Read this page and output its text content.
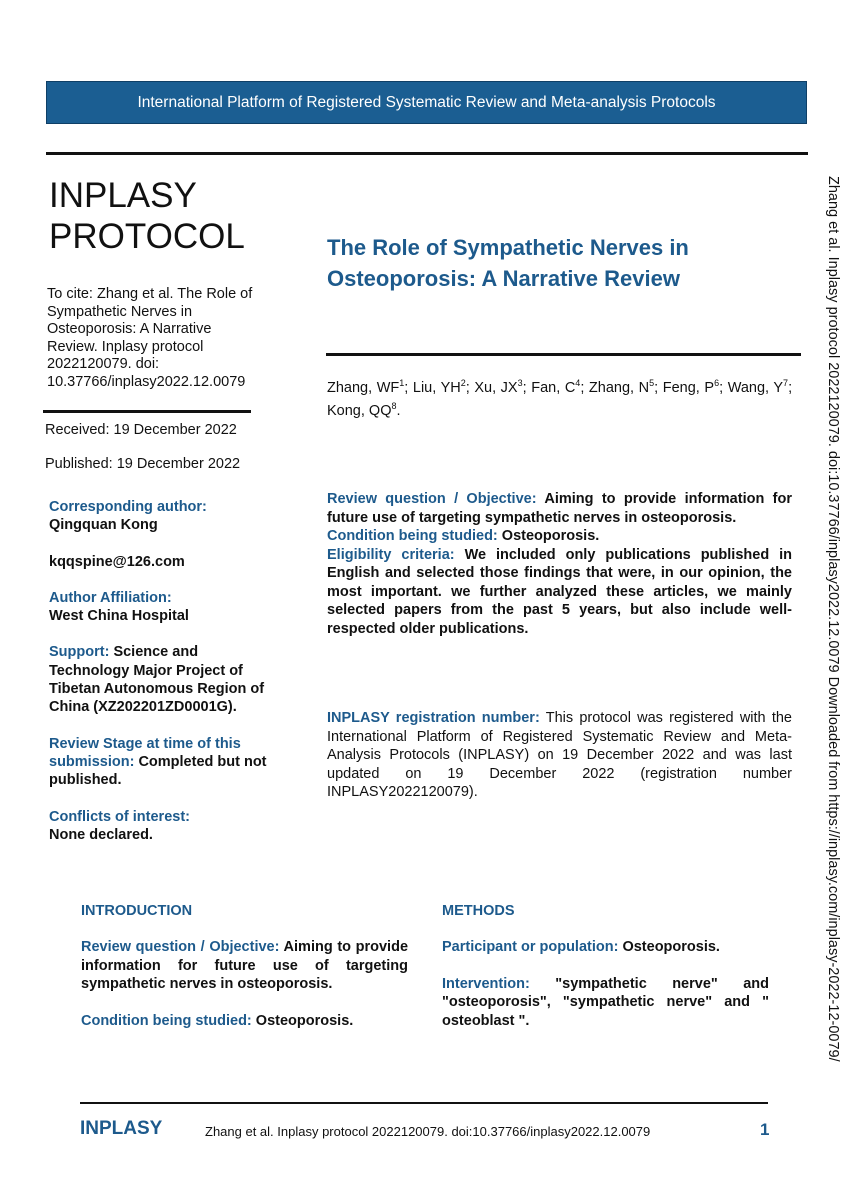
International Platform of Registered Systematic Review and Meta-analysis Protocols
INPLASY
PROTOCOL
To cite: Zhang et al. The Role of Sympathetic Nerves in Osteoporosis: A Narrative Review. Inplasy protocol 2022120079. doi: 10.37766/inplasy2022.12.0079
Received: 19 December 2022
Published: 19 December 2022

Corresponding author:

Qingquan Kong

kqqspine@126.com

Author Affiliation:

West China Hospital

Support: Science and Technology Major Project of Tibetan Autonomous Region of China (XZ202201ZD0001G).

Review Stage at time of this submission: Completed but not published.

Conflicts of interest:

None declared.

The Role of Sympathetic Nerves in Osteoporosis: A Narrative Review
Zhang, $WF^1$; Liu, $YH^2$; Xu, $JX^3$; Fan, $C^4$; Zhang, $N^5$; Feng, $P^6$; Wang, $Y^7$; Kong, $QQ^8$.

Review question / Objective: Aiming to provide information for future use of targeting sympathetic nerves in osteoporosis.

Condition being studied: Osteoporosis.

Eligibility criteria: We included only publications published in English and selected those findings that were, in our opinion, the most important. we further analyzed these articles, we mainly selected papers from the past 5 years, but also include well-respected older publications.

INPLASY registration number: This protocol was registered with the International Platform of Registered Systematic Review and Meta-Analysis Protocols (INPLASY) on 19 December 2022 and was last updated on 19 December 2022 (registration number INPLASY2022120079).
INTRODUCTION

Review question / Objective: Aiming to provide information for future use of targeting sympathetic nerves in osteoporosis.

Condition being studied: Osteoporosis.

METHODS

Participant or population: Osteoporosis.

Intervention: "sympathetic nerve" and "osteoporosis", "sympathetic nerve" and " osteoblast ".

INPLASY	Zhang et al. Inplasy protocol 2022120079. doi:10.37766/inplasy2022.12.0079	1
Zhang et al. Inplasy protocol 2022120079. doi:10.37766/inplasy2022.12.0079 Downloaded from https://inplasy.com/inplasy-2022-12-0079/
